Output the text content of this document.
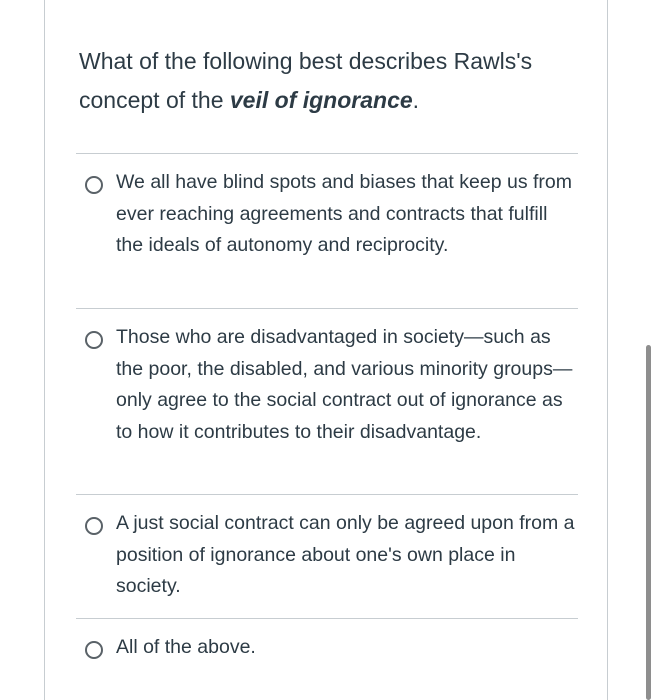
What of the following best describes Rawls's concept of the veil of ignorance.
We all have blind spots and biases that keep us from ever reaching agreements and contracts that fulfill the ideals of autonomy and reciprocity.
Those who are disadvantaged in society—such as the poor, the disabled, and various minority groups—only agree to the social contract out of ignorance as to how it contributes to their disadvantage.
A just social contract can only be agreed upon from a position of ignorance about one's own place in society.
All of the above.
